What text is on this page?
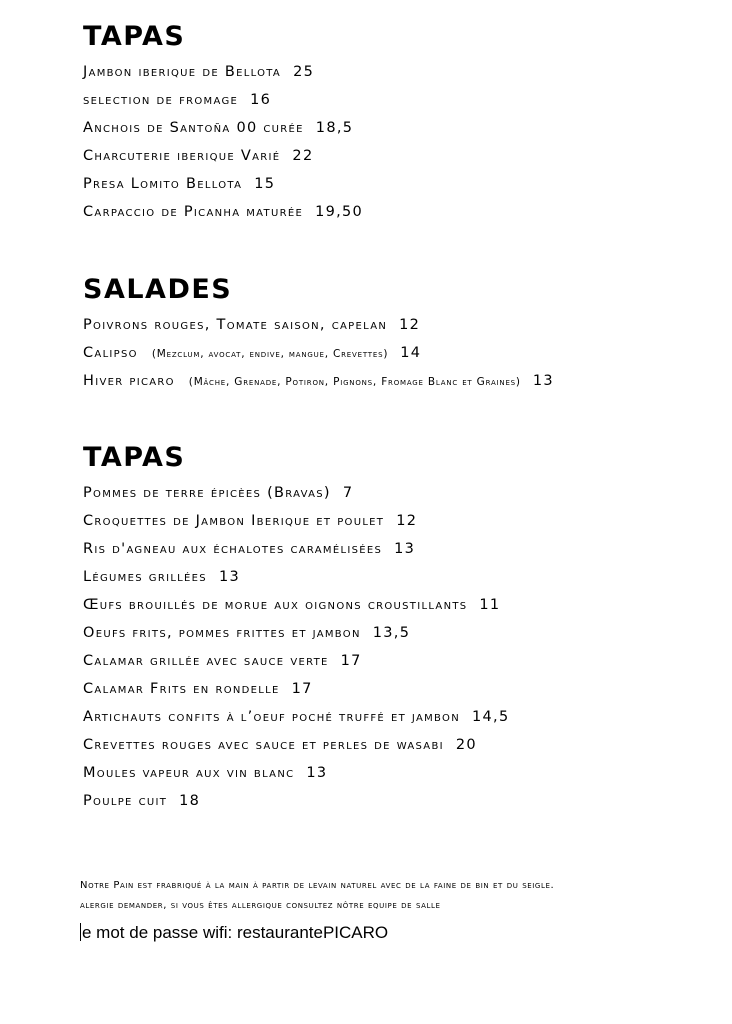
TAPAS
Jambon iberique de Bellota 25
selection de fromage 16
Anchois de Santoña 00 curée 18,5
Charcuterie iberique Varié 22
Presa Lomito Bellota 15
Carpaccio de Picanha maturée 19,50
SALADES
Poivrons rouges, Tomate saison, capelan 12
Calipso (Mezclum, avocat, endive, mangue, Crevettes) 14
Hiver picaro (Mâche, Grenade, Potiron, Pignons, Fromage Blanc et Graines) 13
TAPAS
Pommes de terre épicèes (Bravas) 7
Croquettes de Jambon Iberique et poulet 12
Ris d'agneau aux échalotes caramélisées 13
Légumes grillées 13
Œufs brouillés de morue aux oignons croustillants 11
Oeufs frits, pommes frittes et jambon 13,5
Calamar grillée avec sauce verte 17
Calamar Frits en rondelle 17
Artichauts confits à l’oeuf poché truffé et jambon 14,5
Crevettes rouges avec sauce et perles de wasabi 20
Moules vapeur aux vin blanc 13
Poulpe cuit 18
Notre Pain est frabriqué à la main à partir de levain naturel avec de la faine de bin et du seigle.
alergie demander, si vous êtes allergique consultez nôtre equipe de salle
e mot de passe wifi: restaurantePICARO
